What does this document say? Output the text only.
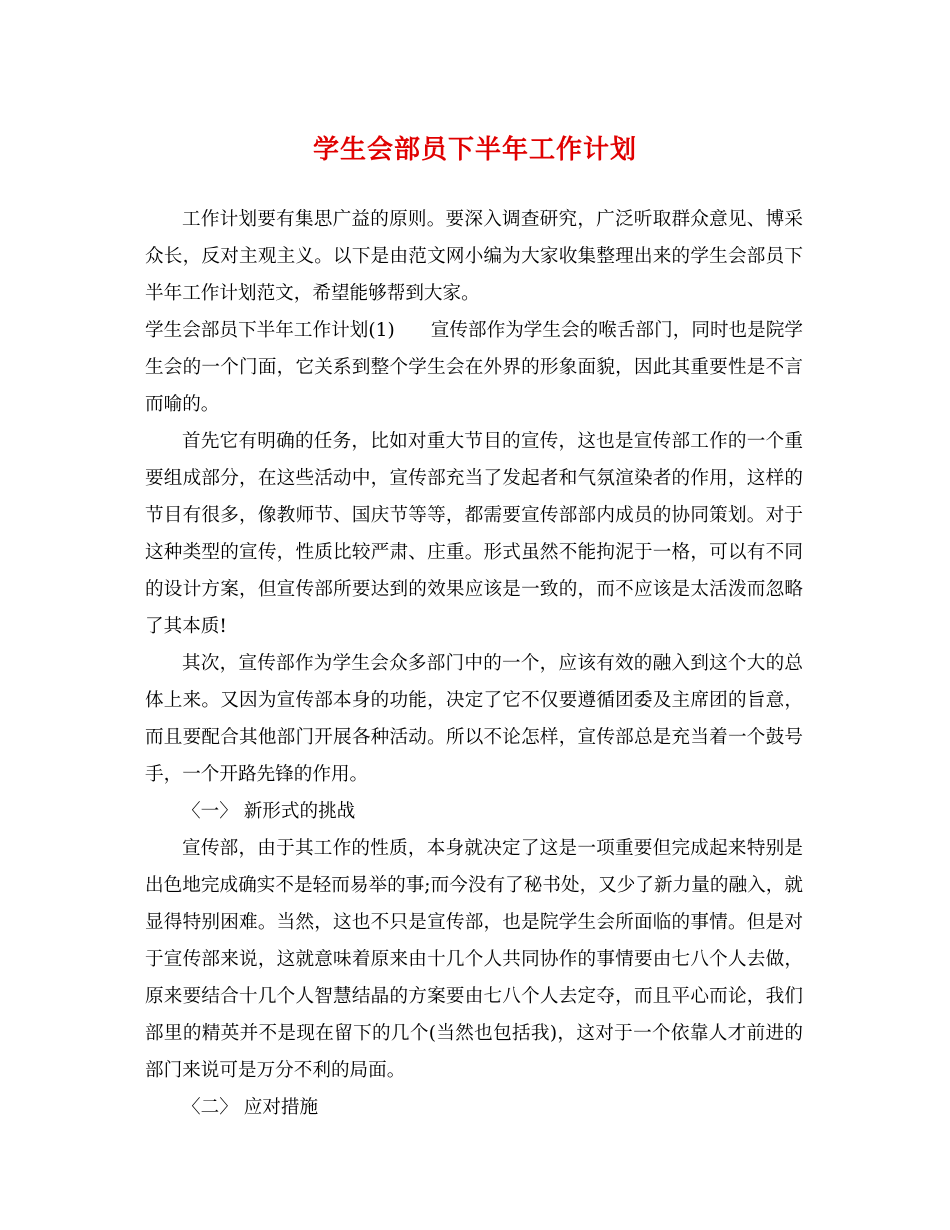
学生会部员下半年工作计划

工作计划要有集思广益的原则。要深入调查研究，广泛听取群众意见、博采众长，反对主观主义。以下是由范文网小编为大家收集整理出来的学生会部员下半年工作计划范文，希望能够帮到大家。

学生会部员下半年工作计划(1) 宣传部作为学生会的喉舌部门，同时也是院学生会的一个门面，它关系到整个学生会在外界的形象面貌，因此其重要性是不言而喻的。

首先它有明确的任务，比如对重大节目的宣传，这也是宣传部工作的一个重要组成部分，在这些活动中，宣传部充当了发起者和气氛渲染者的作用，这样的节目有很多，像教师节、国庆节等等，都需要宣传部部内成员的协同策划。对于这种类型的宣传，性质比较严肃、庄重。形式虽然不能拘泥于一格，可以有不同的设计方案，但宣传部所要达到的效果应该是一致的，而不应该是太活泼而忽略了其本质!

其次，宣传部作为学生会众多部门中的一个，应该有效的融入到这个大的总体上来。又因为宣传部本身的功能，决定了它不仅要遵循团委及主席团的旨意，而且要配合其他部门开展各种活动。所以不论怎样，宣传部总是充当着一个鼓号手，一个开路先锋的作用。

〈一〉 新形式的挑战

宣传部，由于其工作的性质，本身就决定了这是一项重要但完成起来特别是出色地完成确实不是轻而易举的事;而今没有了秘书处，又少了新力量的融入，就显得特别困难。当然，这也不只是宣传部，也是院学生会所面临的事情。但是对于宣传部来说，这就意味着原来由十几个人共同协作的事情要由七八个人去做，原来要结合十几个人智慧结晶的方案要由七八个人去定夺，而且平心而论，我们部里的精英并不是现在留下的几个(当然也包括我)，这对于一个依靠人才前进的部门来说可是万分不利的局面。

〈二〉 应对措施
